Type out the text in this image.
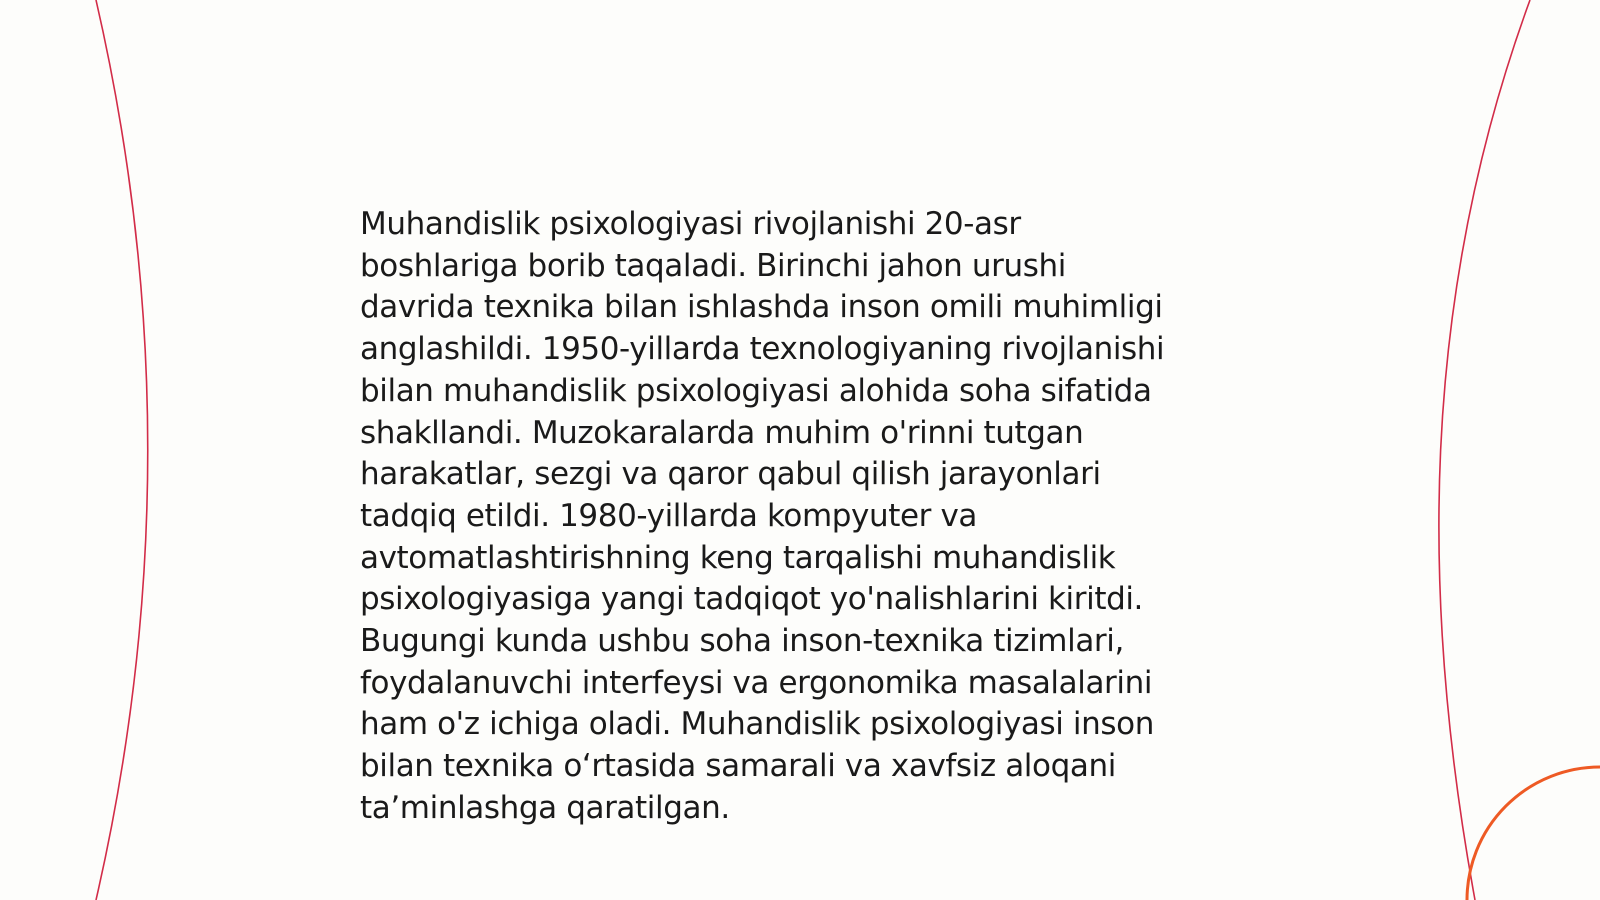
Muhandislik psixologiyasi rivojlanishi 20-asr
boshlariga borib taqaladi. Birinchi jahon urushi
davrida texnika bilan ishlashda inson omili muhimligi
anglashildi. 1950-yillarda texnologiyaning rivojlanishi
bilan muhandislik psixologiyasi alohida soha sifatida
shakllandi. Muzokaralarda muhim o'rinni tutgan
harakatlar, sezgi va qaror qabul qilish jarayonlari
tadqiq etildi. 1980-yillarda kompyuter va
avtomatlashtirishning keng tarqalishi muhandislik
psixologiyasiga yangi tadqiqot yo'nalishlarini kiritdi.
Bugungi kunda ushbu soha inson-texnika tizimlari,
foydalanuvchi interfeysi va ergonomika masalalarini
ham o'z ichiga oladi. Muhandislik psixologiyasi inson
bilan texnika o‘rtasida samarali va xavfsiz aloqani
ta’minlashga qaratilgan.
